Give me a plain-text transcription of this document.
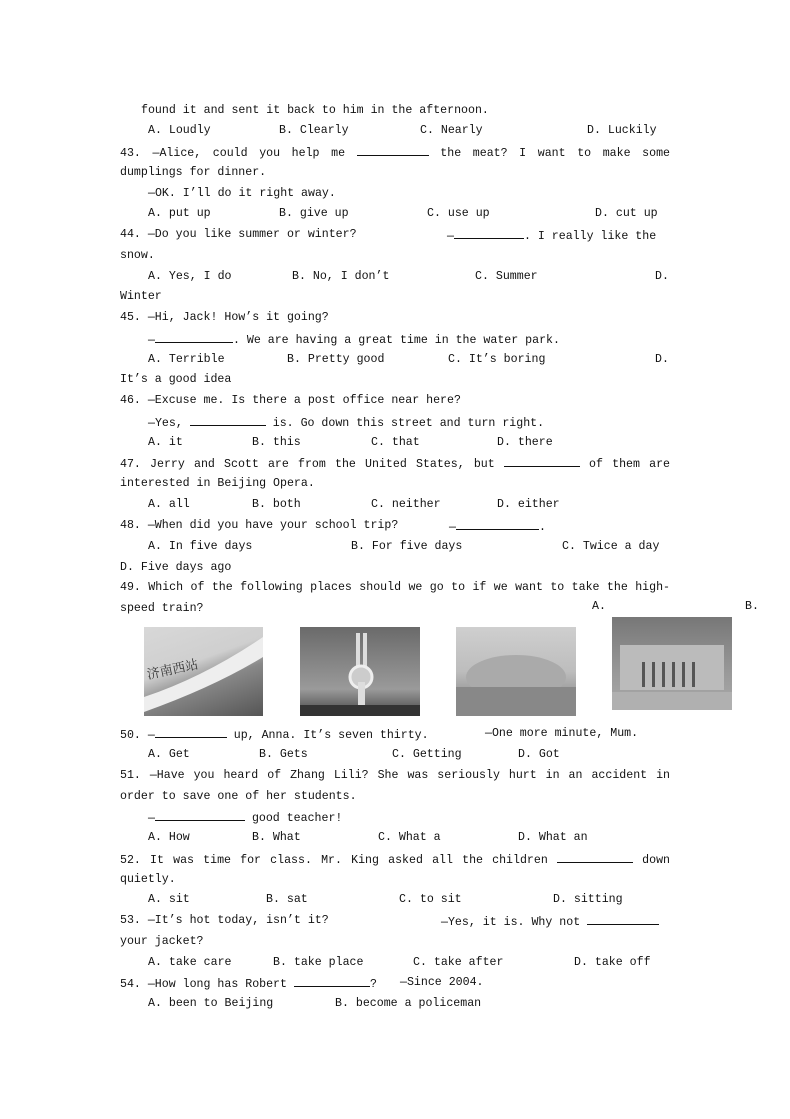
found it and sent it back to him in the afternoon.
A. Loudly	B. Clearly	C. Nearly	D. Luckily
43. —Alice, could you help me	the meat? I want to make some
dumplings for dinner.
—OK. I’ll do it right away.
A. put up	B. give up	C. use up	D. cut up
44. —Do you like summer or winter?	—	. I really like the
snow.
A. Yes, I do	B. No, I don’t	C. Summer	D.
Winter
45. —Hi, Jack! How’s it going?
—	. We are having a great time in the water park.
A. Terrible	B. Pretty good	C. It’s boring	D.
It’s a good idea
46. —Excuse me. Is there a post office near here?
—Yes,	is. Go down this street and turn right.
A. it	B. this	C. that	D. there
47. Jerry and Scott are from the United States, but	of them are
interested in Beijing Opera.
A. all	B. both	C. neither	D. either
48. —When did you have your school trip?	—	.
A. In five days	B. For five days	C. Twice a day
D. Five days ago
49. Which of the following places should we go to if we want to take the high-
speed train?	A.	B.
济南西站
50. —	up, Anna. It’s seven thirty.	—One more minute, Mum.
A. Get	B. Gets	C. Getting	D. Got
51. —Have you heard of Zhang Lili? She was seriously hurt in an accident in
order to save one of her students.
—	good teacher!
A. How	B. What	C. What a	D. What an
52. It was time for class. Mr. King asked all the children	down
quietly.
A. sit	B. sat	C. to sit	D. sitting
53. —It’s hot today, isn’t it?	—Yes, it is. Why not
your jacket?
A. take care	B. take place	C. take after	D. take off
54. —How long has Robert	? —Since 2004.
A. been to Beijing	B. become a policeman
